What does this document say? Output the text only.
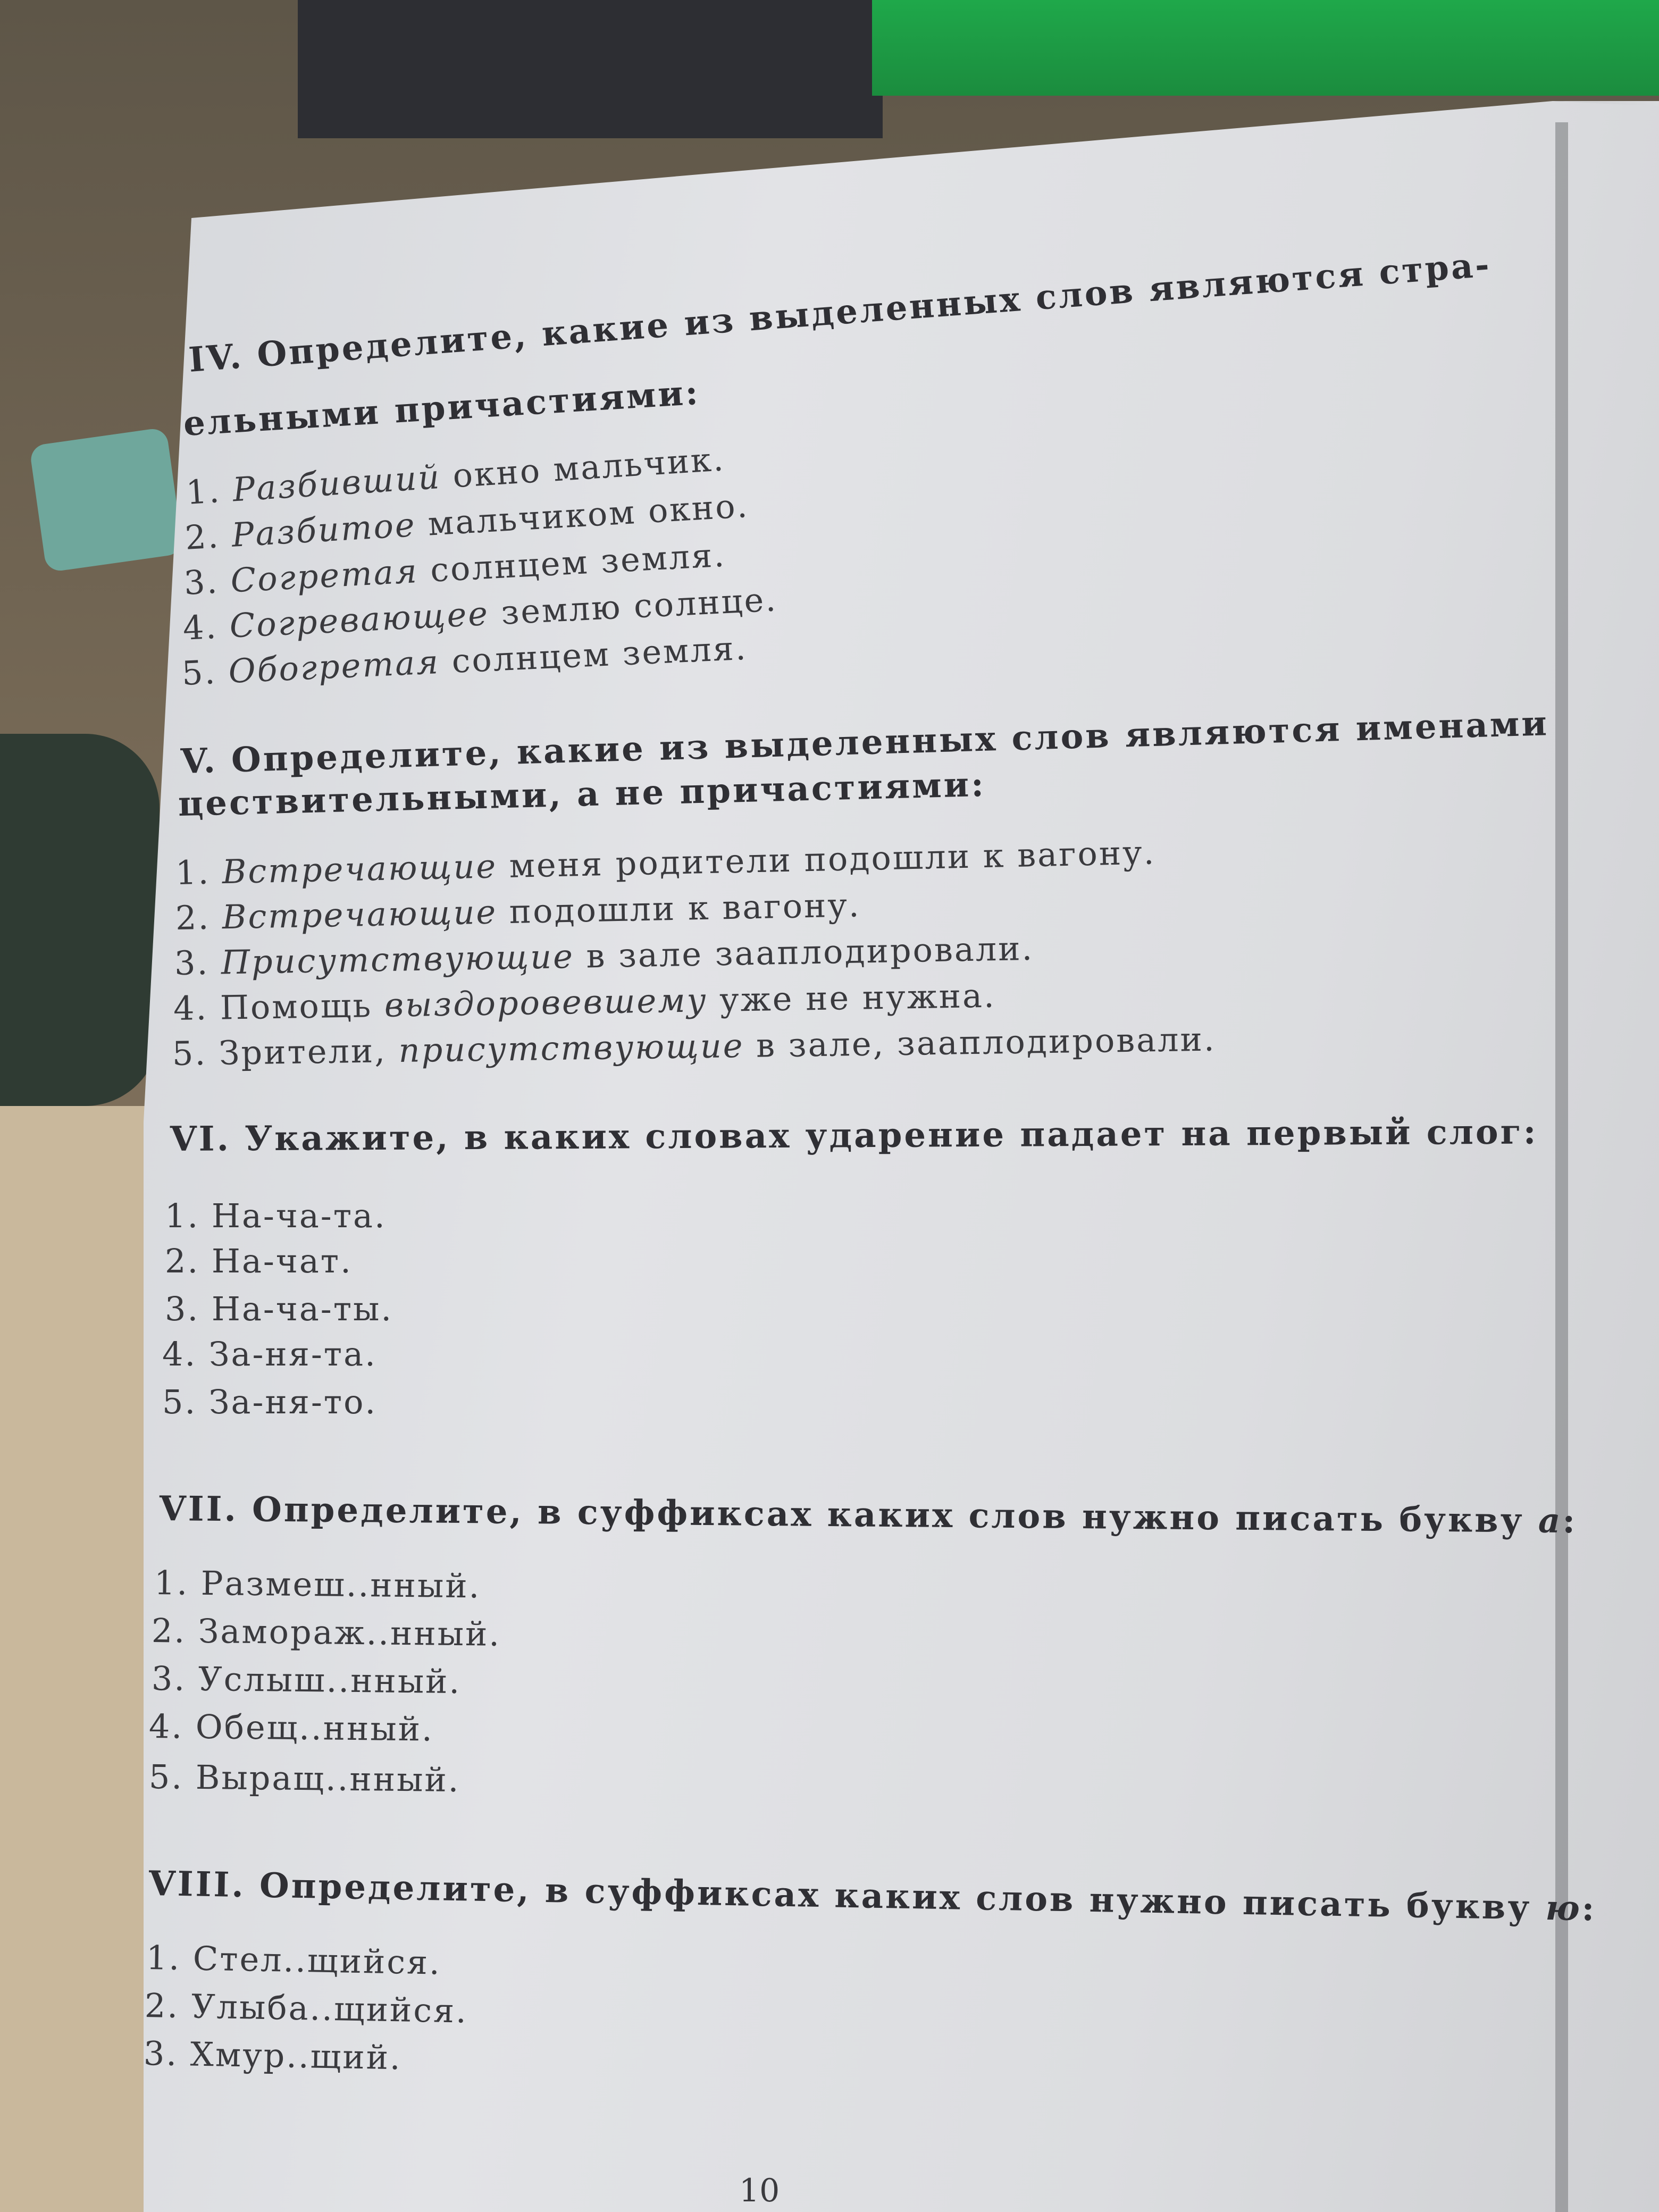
IV. Определите, какие из выделенных слов являются стра-

ельными причастиями:

1. Разбивший окно мальчик.

2. Разбитое мальчиком окно.

3. Согретая солнцем земля.

4. Согревающее землю солнце.

5. Обогретая солнцем земля.

V. Определите, какие из выделенных слов являются именами

цествительными, а не причастиями:

1. Встречающие меня родители подошли к вагону.

2. Встречающие подошли к вагону.

3. Присутствующие в зале зааплодировали.

4. Помощь выздоровевшему уже не нужна.

5. Зрители, присутствующие в зале, зааплодировали.

VI. Укажите, в каких словах ударение падает на первый слог:

1. На-ча-та.

2. На-чат.

3. На-ча-ты.

4. За-ня-та.

5. За-ня-то.

VII. Определите, в суффиксах каких слов нужно писать букву а:

1. Размеш..нный.

2. Замораж..нный.

3. Услыш..нный.

4. Обещ..нный.

5. Выращ..нный.

VIII. Определите, в суффиксах каких слов нужно писать букву ю:

1. Стел..щийся.

2. Улыба..щийся.

3. Хмур..щий.

10
